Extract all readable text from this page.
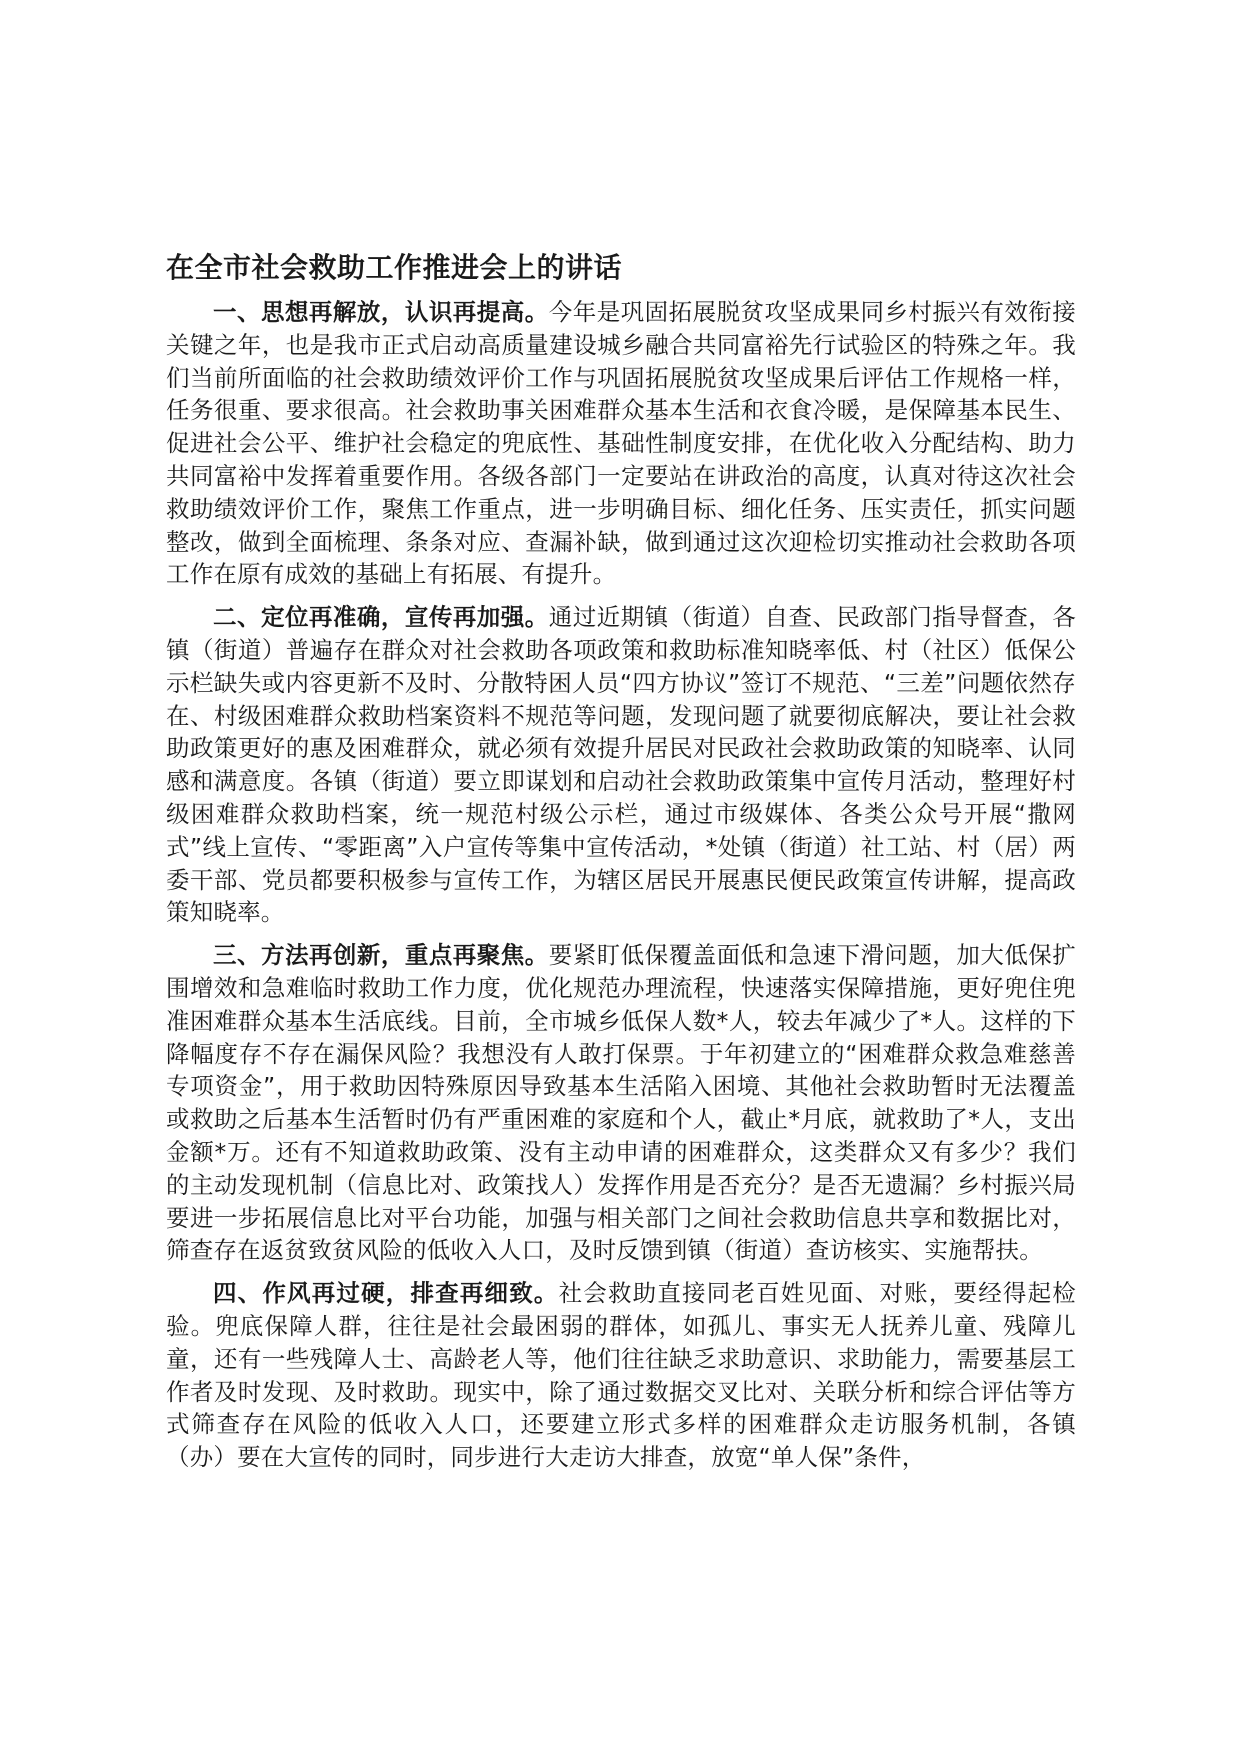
在全市社会救助工作推进会上的讲话

一、思想再解放，认识再提高。今年是巩固拓展脱贫攻坚成果同乡村振兴有效衔接关键之年，也是我市正式启动高质量建设城乡融合共同富裕先行试验区的特殊之年。我们当前所面临的社会救助绩效评价工作与巩固拓展脱贫攻坚成果后评估工作规格一样，任务很重、要求很高。社会救助事关困难群众基本生活和衣食冷暖，是保障基本民生、促进社会公平、维护社会稳定的兜底性、基础性制度安排，在优化收入分配结构、助力共同富裕中发挥着重要作用。各级各部门一定要站在讲政治的高度，认真对待这次社会救助绩效评价工作，聚焦工作重点，进一步明确目标、细化任务、压实责任，抓实问题整改，做到全面梳理、条条对应、查漏补缺，做到通过这次迎检切实推动社会救助各项工作在原有成效的基础上有拓展、有提升。

二、定位再准确，宣传再加强。通过近期镇（街道）自查、民政部门指导督查，各镇（街道）普遍存在群众对社会救助各项政策和救助标准知晓率低、村（社区）低保公示栏缺失或内容更新不及时、分散特困人员“四方协议”签订不规范、“三差”问题依然存在、村级困难群众救助档案资料不规范等问题，发现问题了就要彻底解决，要让社会救助政策更好的惠及困难群众，就必须有效提升居民对民政社会救助政策的知晓率、认同感和满意度。各镇（街道）要立即谋划和启动社会救助政策集中宣传月活动，整理好村级困难群众救助档案，统一规范村级公示栏，通过市级媒体、各类公众号开展“撒网式”线上宣传、“零距离”入户宣传等集中宣传活动，*处镇（街道）社工站、村（居）两委干部、党员都要积极参与宣传工作，为辖区居民开展惠民便民政策宣传讲解，提高政策知晓率。

三、方法再创新，重点再聚焦。要紧盯低保覆盖面低和急速下滑问题，加大低保扩围增效和急难临时救助工作力度，优化规范办理流程，快速落实保障措施，更好兜住兜准困难群众基本生活底线。目前，全市城乡低保人数*人，较去年减少了*人。这样的下降幅度存不存在漏保风险？我想没有人敢打保票。于年初建立的“困难群众救急难慈善专项资金”，用于救助因特殊原因导致基本生活陷入困境、其他社会救助暂时无法覆盖或救助之后基本生活暂时仍有严重困难的家庭和个人，截止*月底，就救助了*人，支出金额*万。还有不知道救助政策、没有主动申请的困难群众，这类群众又有多少？我们的主动发现机制（信息比对、政策找人）发挥作用是否充分？是否无遗漏？乡村振兴局要进一步拓展信息比对平台功能，加强与相关部门之间社会救助信息共享和数据比对，筛查存在返贫致贫风险的低收入人口，及时反馈到镇（街道）查访核实、实施帮扶。

四、作风再过硬，排查再细致。社会救助直接同老百姓见面、对账，要经得起检验。兜底保障人群，往往是社会最困弱的群体，如孤儿、事实无人抚养儿童、残障儿童，还有一些残障人士、高龄老人等，他们往往缺乏求助意识、求助能力，需要基层工作者及时发现、及时救助。现实中，除了通过数据交叉比对、关联分析和综合评估等方式筛查存在风险的低收入人口，还要建立形式多样的困难群众走访服务机制，各镇（办）要在大宣传的同时，同步进行大走访大排查，放宽“单人保”条件，
